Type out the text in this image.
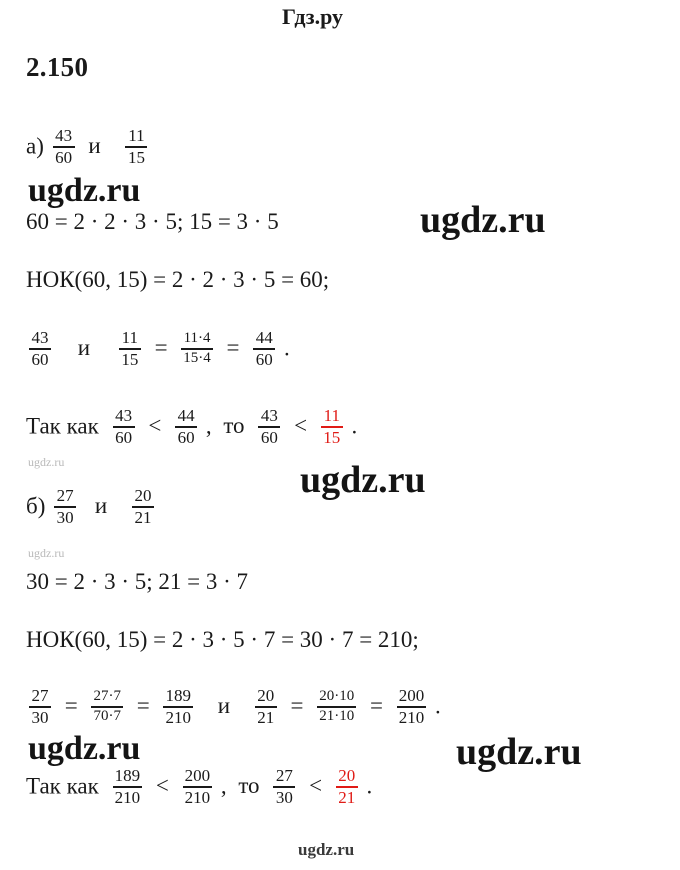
Гдз.ру
2.150
$а) \frac{43}{60}$ и $\frac{11}{15}$
60 = 2 · 2 · 3 · 5; 15 = 3 · 5
НОК(60, 15) = 2 · 2 · 3 · 5 = 60;
$\frac{43}{60}$ и $\frac{11}{15} = \frac{11\cdot 4}{15\cdot 4} = \frac{44}{60}$ .
Так как $\frac{43}{60} < \frac{44}{60}$ , то $\frac{43}{60} < \frac{11}{15}$ .
$б) \frac{27}{30}$ и $\frac{20}{21}$
30 = 2 · 3 · 5; 21 = 3 · 7
НОК(60, 15) = 2 · 3 · 5 · 7 = 30 · 7 = 210;
$\frac{27}{30} = \frac{27\cdot 7}{70\cdot 7} = \frac{189}{210}$ и $\frac{20}{21} = \frac{20\cdot 10}{21\cdot 10} = \frac{200}{210}$ .
Так как $\frac{189}{210} < \frac{200}{210}$ , то $\frac{27}{30} < \frac{20}{21}$ .
ugdz.ru
ugdz.ru
ugdz.ru	ugdz.ru
ugdz.ru
ugdz.ru	ugdz.ru
ugdz.ru
